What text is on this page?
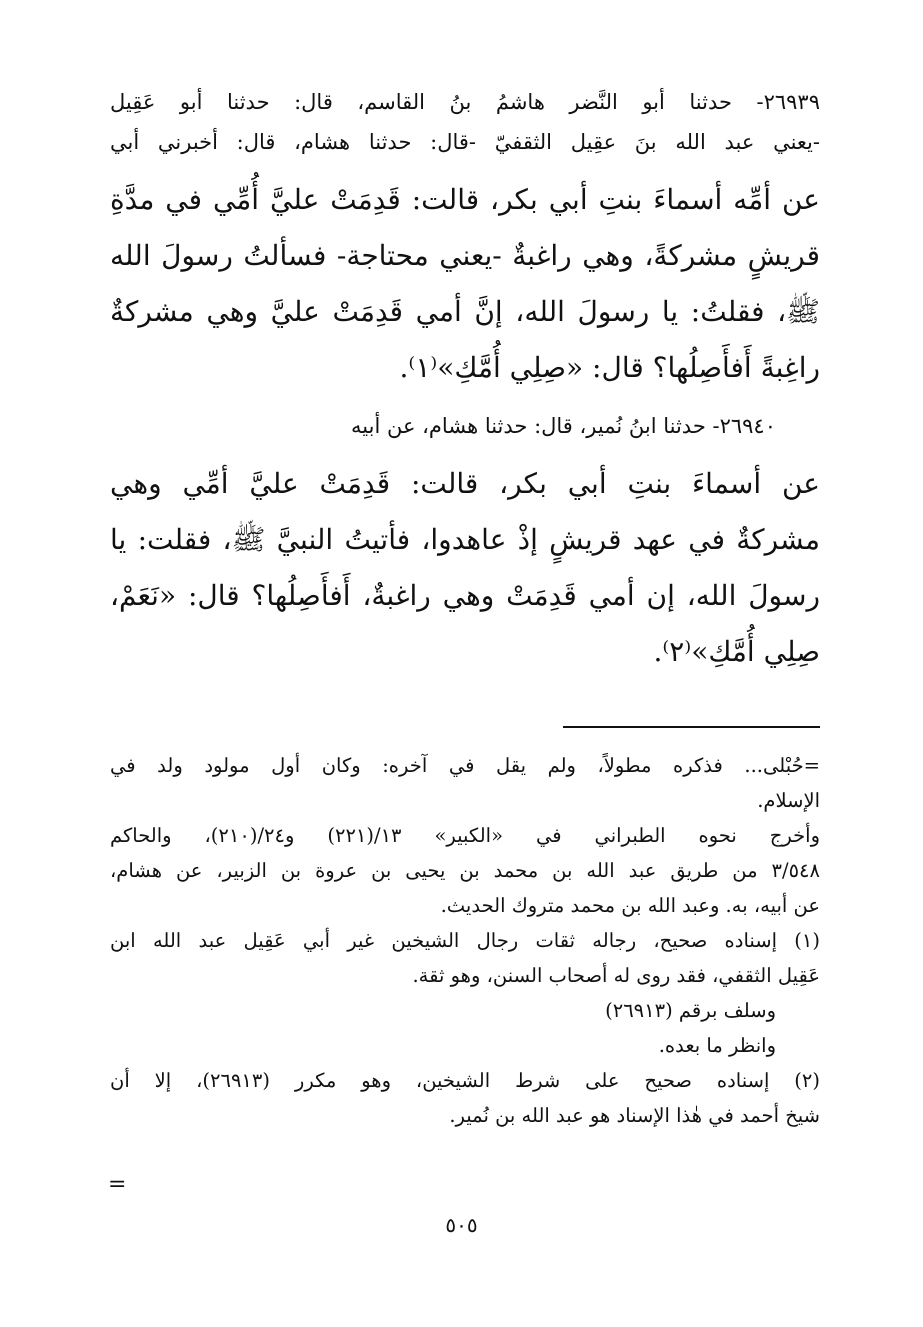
٢٦٩٣٩- حدثنا أبو النَّضر هاشمُ بنُ القاسم، قال: حدثنا أبو عَقِيل
-يعني عبد الله بنَ عقِيل الثقفيّ -قال: حدثنا هشام، قال: أخبرني أبي
عن أمِّه أسماءَ بنتِ أبي بكر، قالت: قَدِمَتْ عليَّ أُمِّي في مدَّةِ
قريشٍ مشركةً، وهي راغبةٌ -يعني محتاجة- فسألتُ رسولَ الله
ﷺ، فقلتُ: يا رسولَ الله، إنَّ أمي قَدِمَتْ عليَّ وهي مشركةٌ
راغِبةً أَفأَصِلُها؟ قال: «صِلِي أُمَّكِ»⁽١⁾.
٢٦٩٤٠- حدثنا ابنُ نُمير، قال: حدثنا هشام، عن أبيه
عن أسماءَ بنتِ أبي بكر، قالت: قَدِمَتْ عليَّ أمِّي وهي
مشركةٌ في عهد قريشٍ إذْ عاهدوا، فأتيتُ النبيَّ ﷺ، فقلت: يا
رسولَ الله، إن أمي قَدِمَتْ وهي راغبةٌ، أَفأَصِلُها؟ قال: «نَعَمْ،
صِلِي أُمَّكِ»⁽٢⁾.
=حُبْلى... فذكره مطولاً، ولم يقل في آخره: وكان أول مولود ولد في
الإسلام.
وأخرج نحوه الطبراني في «الكبير» ١٣/(٢٢١) و٢٤/(٢١٠)، والحاكم
٣/٥٤٨ من طريق عبد الله بن محمد بن يحيى بن عروة بن الزبير، عن هشام،
عن أبيه، به. وعبد الله بن محمد متروك الحديث.
(١) إسناده صحيح، رجاله ثقات رجال الشيخين غير أبي عَقِيل عبد الله ابن
عَقِيل الثقفي، فقد روى له أصحاب السنن، وهو ثقة.
وسلف برقم (٢٦٩١٣)
وانظر ما بعده.
(٢) إسناده صحيح على شرط الشيخين، وهو مكرر (٢٦٩١٣)، إلا أن
شيخ أحمد في هٰذا الإسناد هو عبد الله بن نُمير.
=
٥٠٥
